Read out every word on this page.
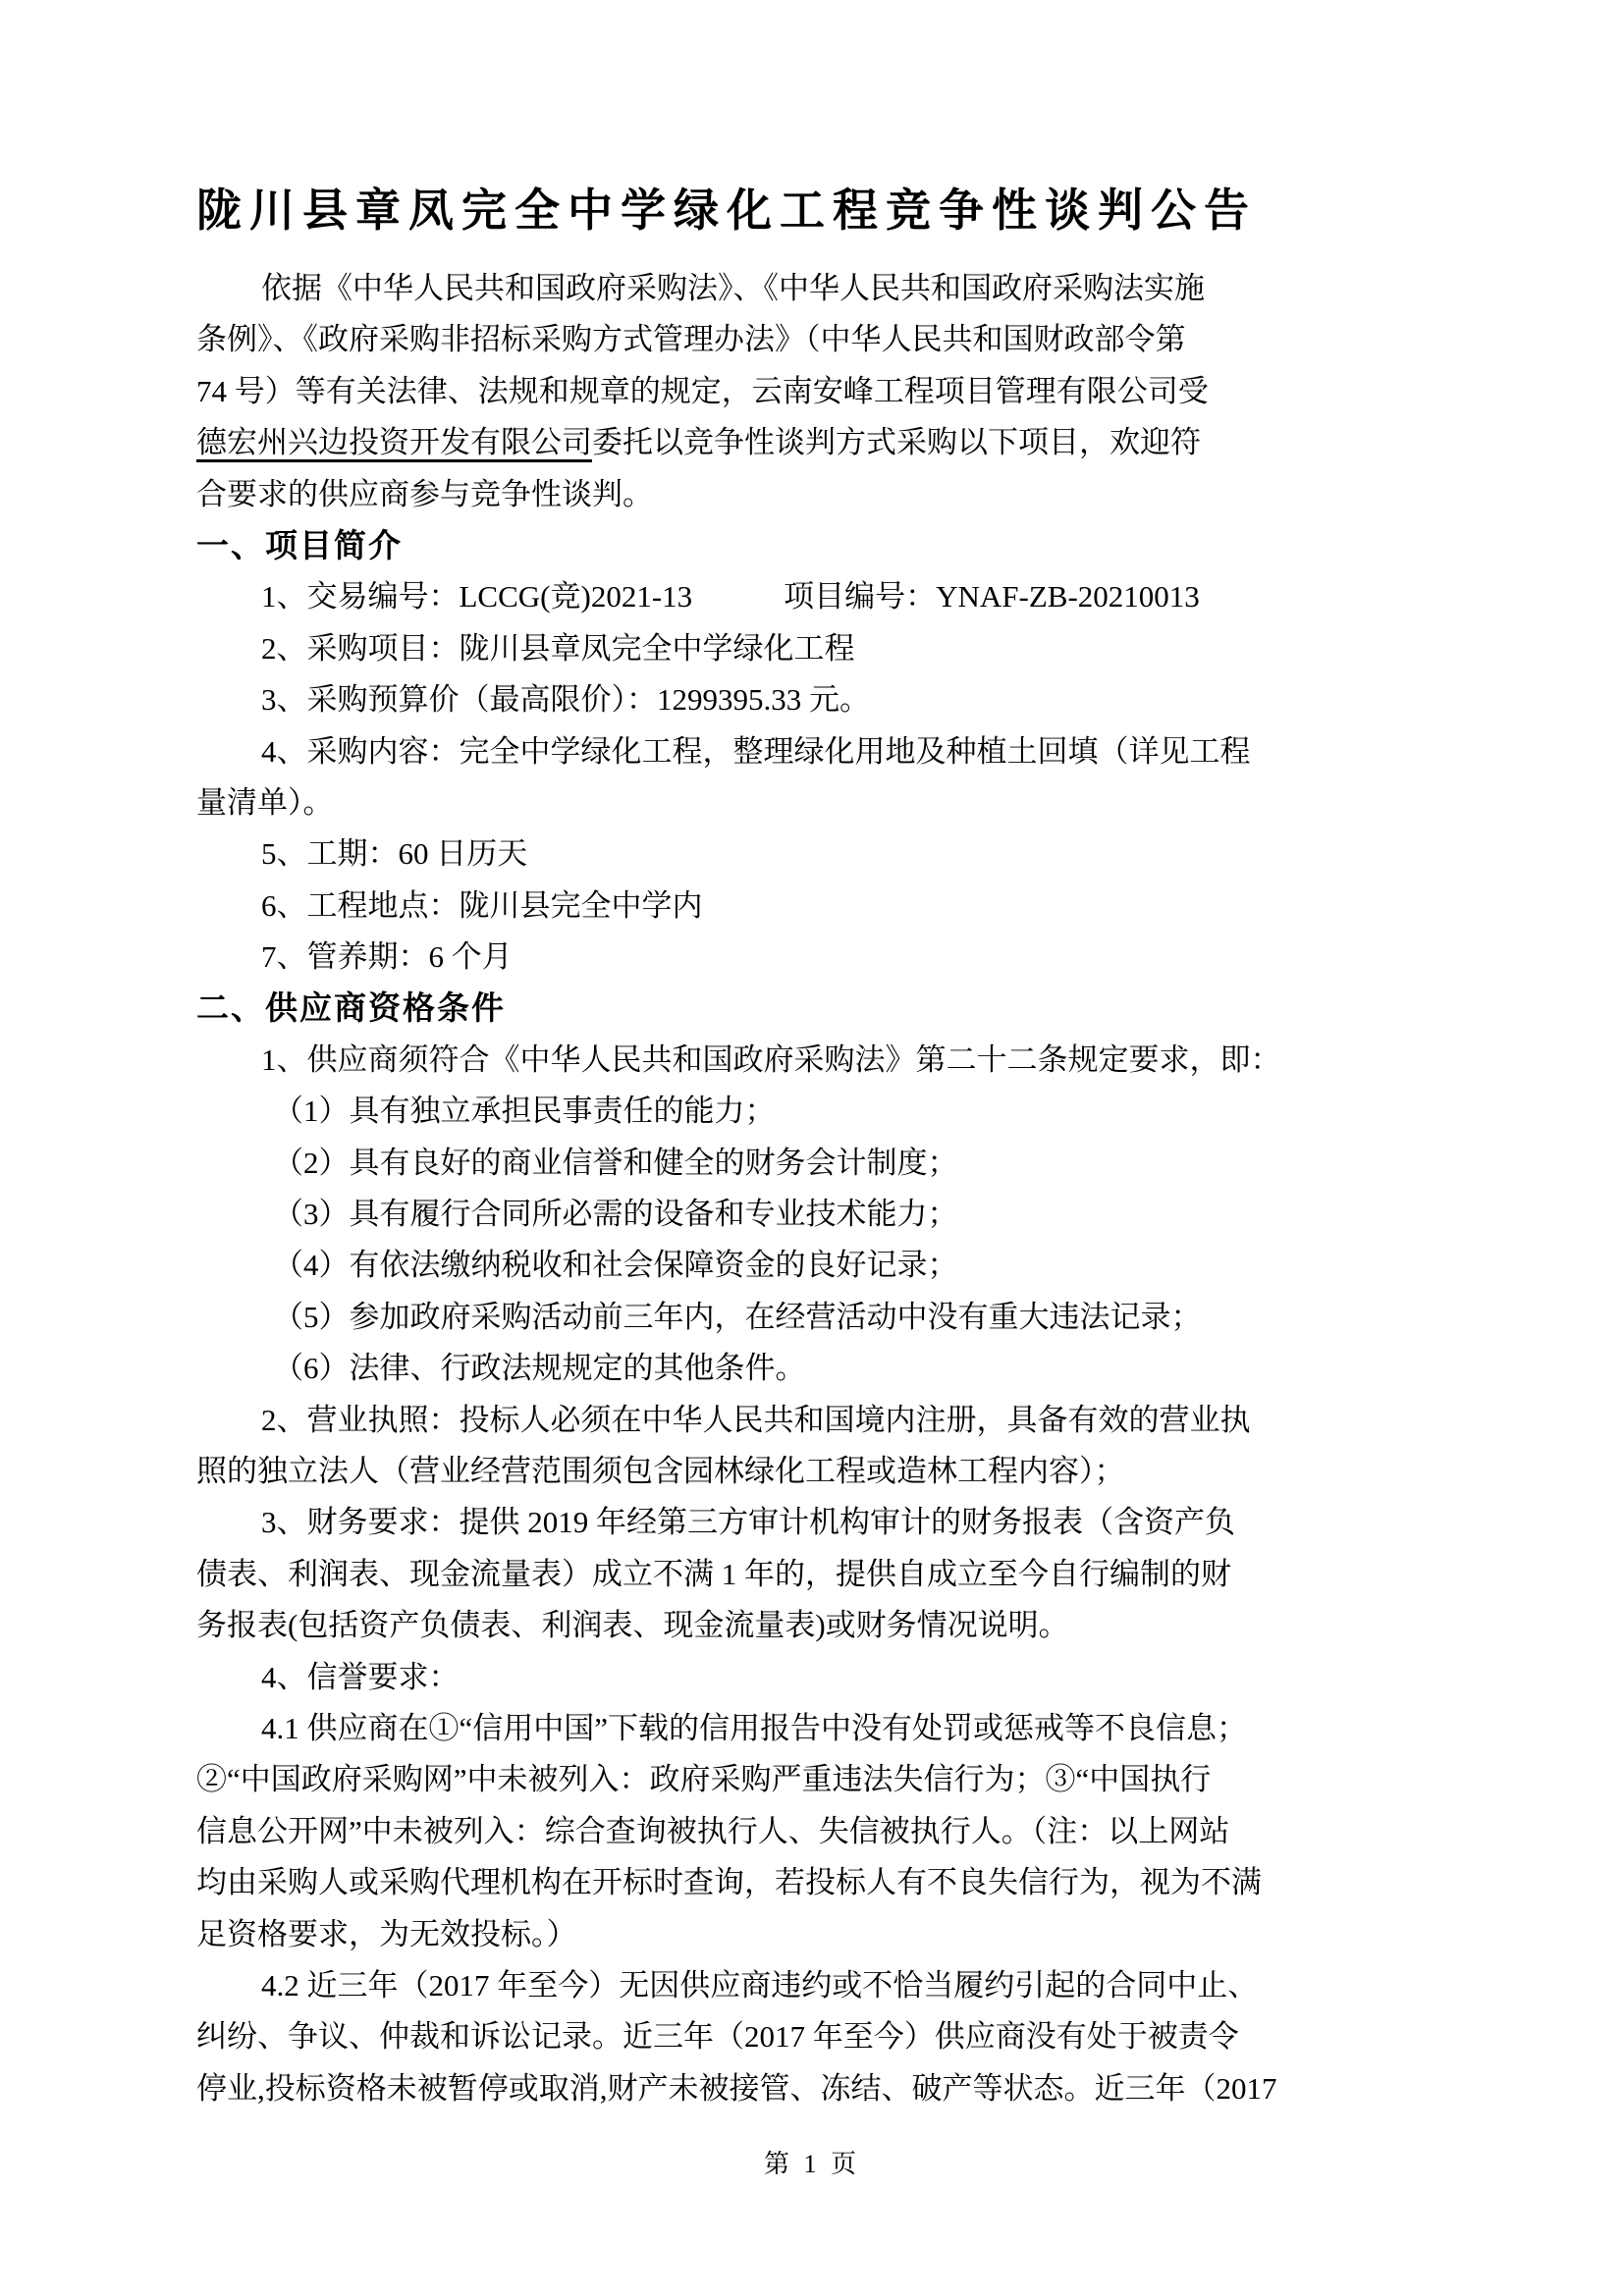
陇川县章凤完全中学绿化工程竞争性谈判公告
依据《中华人民共和国政府采购法》、《中华人民共和国政府采购法实施
条例》、《政府采购非招标采购方式管理办法》（中华人民共和国财政部令第
74 号）等有关法律、法规和规章的规定，云南安峰工程项目管理有限公司受
德宏州兴边投资开发有限公司委托以竞争性谈判方式采购以下项目，欢迎符
合要求的供应商参与竞争性谈判。
一、项目简介
1、交易编号：LCCG(竞)2021-13　　　项目编号：YNAF-ZB-20210013
2、采购项目：陇川县章凤完全中学绿化工程
3、采购预算价（最高限价）：1299395.33 元。
4、采购内容：完全中学绿化工程，整理绿化用地及种植土回填（详见工程
量清单）。
5、工期：60 日历天
6、工程地点：陇川县完全中学内
7、管养期：6 个月
二、供应商资格条件
1、供应商须符合《中华人民共和国政府采购法》第二十二条规定要求，即：
（1）具有独立承担民事责任的能力；
（2）具有良好的商业信誉和健全的财务会计制度；
（3）具有履行合同所必需的设备和专业技术能力；
（4）有依法缴纳税收和社会保障资金的良好记录；
（5）参加政府采购活动前三年内，在经营活动中没有重大违法记录；
（6）法律、行政法规规定的其他条件。
2、营业执照：投标人必须在中华人民共和国境内注册，具备有效的营业执
照的独立法人（营业经营范围须包含园林绿化工程或造林工程内容）；
3、财务要求：提供 2019 年经第三方审计机构审计的财务报表（含资产负
债表、利润表、现金流量表）成立不满 1 年的，提供自成立至今自行编制的财
务报表(包括资产负债表、利润表、现金流量表)或财务情况说明。
4、信誉要求：
4.1 供应商在①“信用中国”下载的信用报告中没有处罚或惩戒等不良信息；
②“中国政府采购网”中未被列入：政府采购严重违法失信行为；③“中国执行
信息公开网”中未被列入：综合查询被执行人、失信被执行人。（注：以上网站
均由采购人或采购代理机构在开标时查询，若投标人有不良失信行为，视为不满
足资格要求，为无效投标。）
4.2 近三年（2017 年至今）无因供应商违约或不恰当履约引起的合同中止、
纠纷、争议、仲裁和诉讼记录。近三年（2017 年至今）供应商没有处于被责令
停业,投标资格未被暂停或取消,财产未被接管、冻结、破产等状态。近三年（2017
第 1 页
